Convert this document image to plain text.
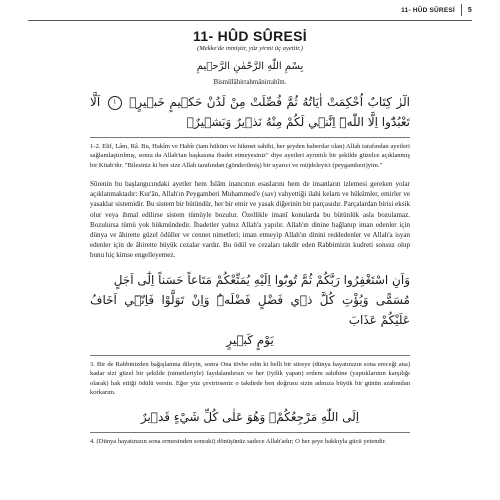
11- HÛD SÛRESİ 5
11- HÛD SÛRESİ
(Mekke'de inmiştir, yüz yirmi üç ayettir.)
بِسْمِ اللّٰهِ الرَّحْمٰنِ الرَّح۪يمِ
Bismillâhirrahmânirrahîm.
الٓرٰ كِتَابٌ اُحْكِمَتْ اٰيَاتُهُ ثُمَّ فُصِّلَتْ مِنْ لَدُنْ حَك۪يمٍ خَب۪يرٍۙ ١ اَلَّا تَعْبُدُٓوا اِلَّا اللّٰهَۜ اِنَّن۪ي لَكُمْ مِنْهُ نَذ۪يرٌ وَبَش۪يرٌۙ

1-2. Elif, Lâm, Râ. Bu, Hakîm ve Habîr (tam hüküm ve hikmet sahibi, her şeyden haberdar olan) Allah tarafından ayetleri sağlamlaştırılmış, sonra da Allah'tan başkasına ibadet etmeyesiniz" diye ayetleri ayrıntılı bir şekilde güzelce açıklanmış bir Kitab'dır. "Bilesiniz ki ben size Allah tarafından (gönderilmiş) bir uyarıcı ve müjdeleyici (peygamberi)yim."

Sûrenin bu başlangıcındaki ayetler hem İslâm inancının esaslarını hem de insanların izlemesi gereken yolar açıklanmaktadır: Kur'ân, Allah'ın Peygamberi Muhammed'e (sav) vahyettiği ilahi kelam ve hükümler, emirler ve yasaklar sistemidir. Bu sistem bir bütündür, her bir emir ve yasak diğerinin bir parçasıdır. Parçalardan birisi eksik olur veya ihmal edilirse sistem tümüyle bozulur. Özellikle imanî konularda bu bütünlük asla bozulamaz. Bozulursa tümü yok hükmündedir. İbadetler yalnız Allah'a yapılır. Allah'ın dinine bağlanıp iman edenler için dünya ve âhirette güzel ödüller ve cennet nimetleri; iman etmeyip Allah'ın dinini reddedenler ve Allah'a isyan edenler için de âhirette büyük cezalar vardır. Bu ödül ve cezaları takdir eden Rabbimizin kudreti sonsuz olup bunu hiç kimse engelleyemez.

وَاَنِ اسْتَغْفِرُوا رَبَّكُمْ ثُمَّ تُوبُٓوا اِلَيْهِ يُمَتِّعْكُمْ مَتَاعاً حَسَناً اِلٰٓى اَجَلٍ
مُسَمًّى وَيُؤْتِ كُلَّ ذ۪ي فَضْلٍ فَضْلَهُۜ وَاِنْ تَوَلَّوْا فَاِنّ۪ٓي اَخَافُ عَلَيْكُمْ عَذَابَ
يَوْمٍ كَب۪يرٍ

3. Bir de Rabbinizden bağışlanma dileyin, sonra Ona tövbe edin ki belli bir süreye (dünya hayatınızın sona ereceği ana) kadar sizi güzel bir şekilde (nimetleriyle) faydalandırsın ve her (iyilik yapan) erdem sahibine (yaptıklarının karşılığı olarak) hak ettiği ödülü versin. Eğer yüz çevirirseniz o takdirde ben doğrusu sizin adınıza büyük bir günün azabından korkarım.

اِلَى اللّٰهِ مَرْجِعُكُمْۚ وَهُوَ عَلٰى كُلِّ شَيْءٍ قَد۪يرٌ

4. (Dünya hayatınızın sona ermesinden sonraki) dönüşünüz sadece Allah'adır; O her şeye hakkıyla gücü yetendir.
